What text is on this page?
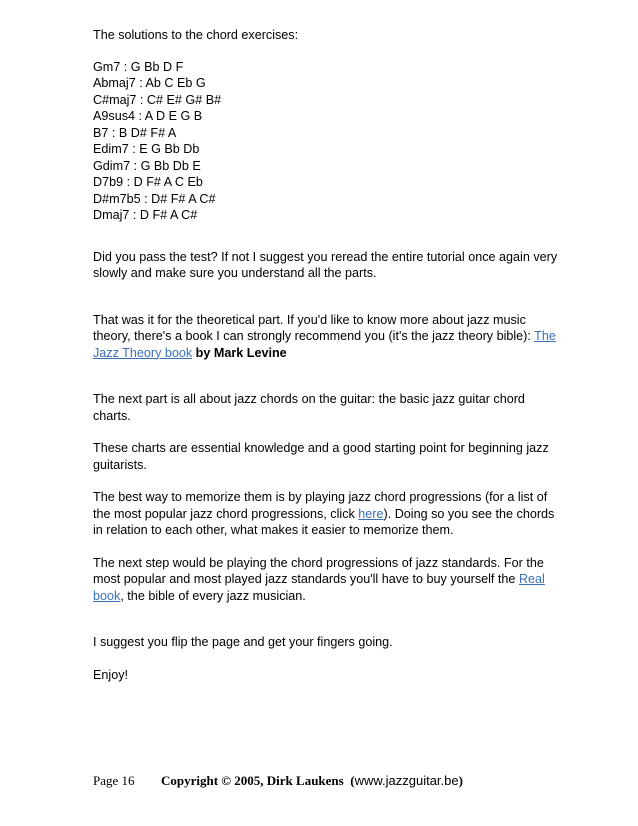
The solutions to the chord exercises:

Gm7 : G Bb D F
Abmaj7 : Ab C Eb G
C#maj7 : C# E# G# B#
A9sus4 : A D E G B
B7 : B D# F# A
Edim7 : E G Bb Db
Gdim7 : G Bb Db E
D7b9 : D F# A C Eb
D#m7b5 : D# F# A C#
Dmaj7 : D F# A C#

Did you pass the test? If not I suggest you reread the entire tutorial once again very slowly and make sure you understand all the parts.

That was it for the theoretical part. If you'd like to know more about jazz music theory, there's a book I can strongly recommend you (it's the jazz theory bible): The Jazz Theory book by Mark Levine

The next part is all about jazz chords on the guitar: the basic jazz guitar chord charts.

These charts are essential knowledge and a good starting point for beginning jazz guitarists.

The best way to memorize them is by playing jazz chord progressions (for a list of the most popular jazz chord progressions, click here). Doing so you see the chords in relation to each other, what makes it easier to memorize them.

The next step would be playing the chord progressions of jazz standards. For the most popular and most played jazz standards you'll have to buy yourself the Real book, the bible of every jazz musician.

I suggest you flip the page and get your fingers going.

Enjoy!

Page 16 Copyright © 2005, Dirk Laukens (www.jazzguitar.be)
